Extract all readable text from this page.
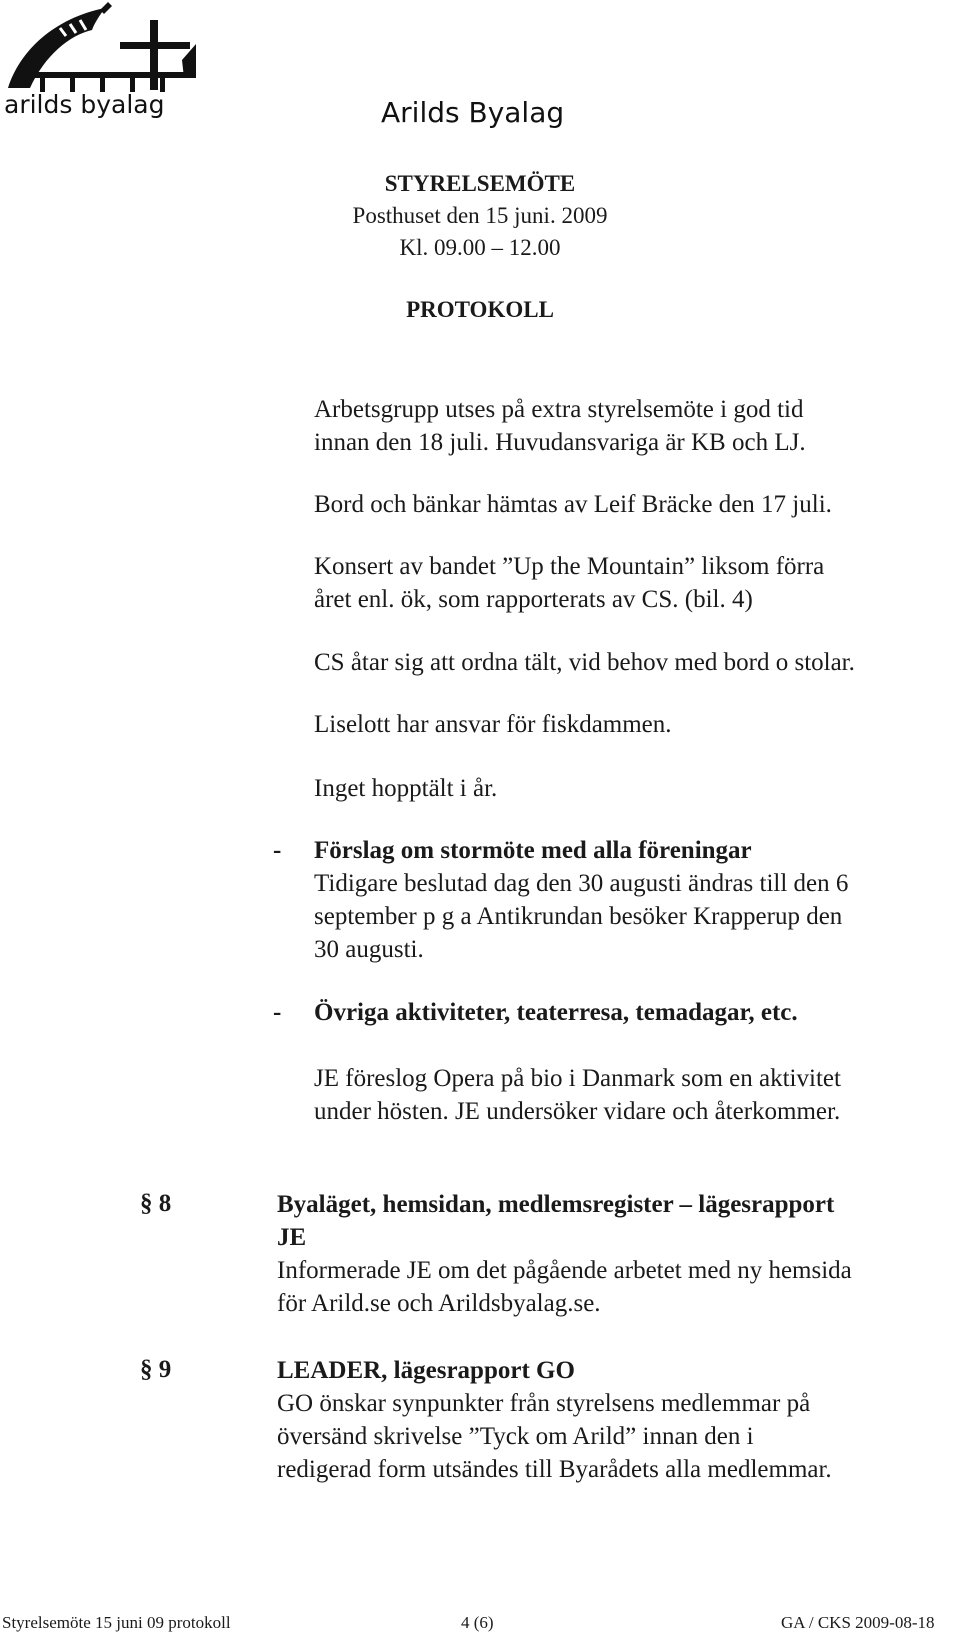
arilds byalag	Arilds Byalag
STYRELSEMÖTE
Posthuset den 15 juni. 2009
Kl. 09.00 – 12.00
PROTOKOLL
Arbetsgrupp utses på extra styrelsemöte i god tid
innan den 18 juli. Huvudansvariga är KB och LJ.
Bord och bänkar hämtas av Leif Bräcke den 17 juli.
Konsert av bandet ”Up the Mountain” liksom förra
året enl. ök, som rapporterats av CS. (bil. 4)
CS åtar sig att ordna tält, vid behov med bord o stolar.
Liselott har ansvar för fiskdammen.
Inget hopptält i år.
- Förslag om stormöte med alla föreningar
Tidigare beslutad dag den 30 augusti ändras till den 6
september p g a Antikrundan besöker Krapperup den
30 augusti.
- Övriga aktiviteter, teaterresa, temadagar, etc.
JE föreslog Opera på bio i Danmark som en aktivitet
under hösten. JE undersöker vidare och återkommer.
§ 8	Byaläget, hemsidan, medlemsregister – lägesrapport
JE
Informerade JE om det pågående arbetet med ny hemsida
för Arild.se och Arildsbyalag.se.
§ 9	LEADER, lägesrapport GO
GO önskar synpunkter från styrelsens medlemmar på
översänd skrivelse ”Tyck om Arild” innan den i
redigerad form utsändes till Byarådets alla medlemmar.
Styrelsemöte 15 juni 09 protokoll	4 (6)	GA / CKS 2009-08-18
